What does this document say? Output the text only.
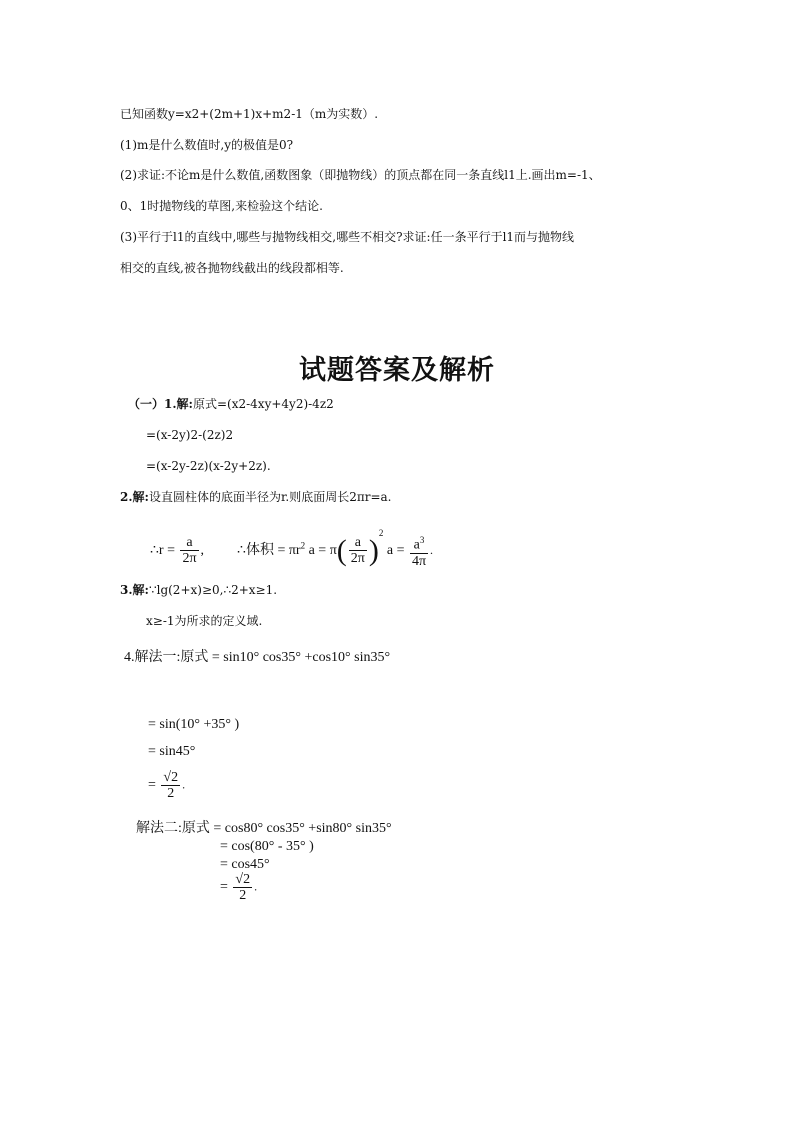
已知函数y=x2+(2m+1)x+m2-1（m为实数）.
(1)m是什么数值时,y的极值是0?
(2)求证:不论m是什么数值,函数图象（即抛物线）的顶点都在同一条直线l1上.画出m=-1、
0、1时抛物线的草图,来检验这个结论.
(3)平行于l1的直线中,哪些与抛物线相交,哪些不相交?求证:任一条平行于l1而与抛物线
相交的直线,被各抛物线截出的线段都相等.
试题答案及解析
（一）1.解:原式=(x2-4xy+4y2)-4z2
=(x-2y)2-(2z)2
=(x-2y-2z)(x-2y+2z).
2.解:设直圆柱体的底面半径为r.则底面周长2πr=a.
∴r = $\frac{a}{2\pi}$ , ∴体积 = $\pi r^2$ $a = \pi( \frac{a}{2\pi} )^2$ $a = \frac{a^3}{4\pi}$ .
3.解:∵lg(2+x)≥0,∴2+x≥1.
x≥-1为所求的定义域.
4.解法一:原式 = sin10° cos35° +cos10° sin35°
= sin(10° +35° )
= sin45°
= $\frac{√2}{2}$ .
解法二:原式 = cos80° cos35° +sin80° sin35°
= cos(80° - 35° )
= cos45°
= $\frac{√2}{2}$ .
